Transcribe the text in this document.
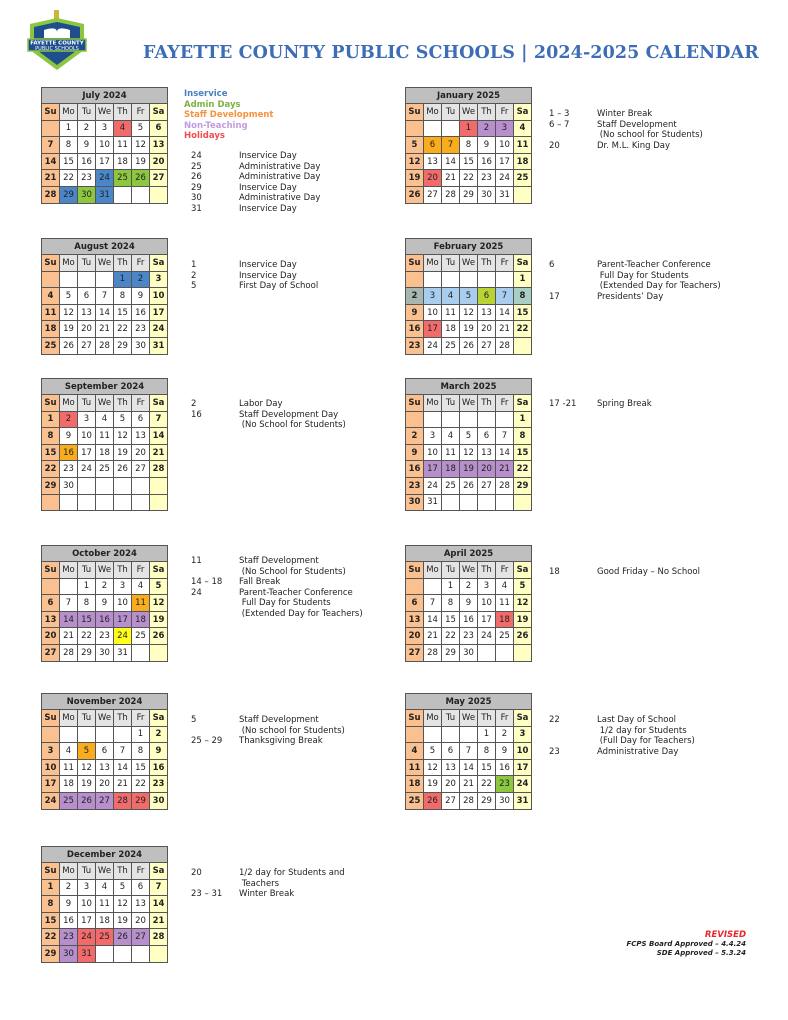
FAYETTE COUNTY
PUBLIC SCHOOLS	FAYETTE COUNTY PUBLIC SCHOOLS | 2024-2025 CALENDAR
Inservice
Admin Days
Staff Development
Non-Teaching
Holidays
July 2024						
Su	Mo	Tu	We	Th	Fr	Sa
	1	2	3	4	5	6
7	8	9	10	11	12	13
14	15	16	17	18	19	20
21	22	23	24	25	26	27
28	29	30	31			
24	Inservice Day
25	Administrative Day
26	Administrative Day
29	Inservice Day
30	Administrative Day
31	Inservice Day
August 2024						
Su	Mo	Tu	We	Th	Fr	Sa
				1	2	3
4	5	6	7	8	9	10
11	12	13	14	15	16	17
18	19	20	21	22	23	24
25	26	27	28	29	30	31
1	Inservice Day
2	Inservice Day
5	First Day of School
September 2024						
Su	Mo	Tu	We	Th	Fr	Sa
1	2	3	4	5	6	7
8	9	10	11	12	13	14
15	16	17	18	19	20	21
22	23	24	25	26	27	28
29	30					

2	Labor Day
16	Staff Development Day
(No School for Students)
October 2024						
Su	Mo	Tu	We	Th	Fr	Sa
		1	2	3	4	5
6	7	8	9	10	11	12
13	14	15	16	17	18	19
20	21	22	23	24	25	26
27	28	29	30	31		
11	Staff Development
(No School for Students)
14 – 18	Fall Break
24	Parent-Teacher Conference
Full Day for Students
(Extended Day for Teachers)
November 2024						
Su	Mo	Tu	We	Th	Fr	Sa
					1	2
3	4	5	6	7	8	9
10	11	12	13	14	15	16
17	18	19	20	21	22	23
24	25	26	27	28	29	30
5	Staff Development
(No school for Students)
25 – 29	Thanksgiving Break
December 2024						
Su	Mo	Tu	We	Th	Fr	Sa
1	2	3	4	5	6	7
8	9	10	11	12	13	14
15	16	17	18	19	20	21
22	23	24	25	26	27	28
29	30	31				
20	1/2 day for Students and
Teachers
23 – 31	Winter Break
January 2025						
Su	Mo	Tu	We	Th	Fr	Sa
			1	2	3	4
5	6	7	8	9	10	11
12	13	14	15	16	17	18
19	20	21	22	23	24	25
26	27	28	29	30	31	
1 – 3	Winter Break
6 – 7	Staff Development
(No school for Students)
20	Dr. M.L. King Day
February 2025						
Su	Mo	Tu	We	Th	Fr	Sa
						1
2	3	4	5	6	7	8
9	10	11	12	13	14	15
16	17	18	19	20	21	22
23	24	25	26	27	28	
6	Parent-Teacher Conference
Full Day for Students
(Extended Day for Teachers)
17	Presidents’ Day
March 2025						
Su	Mo	Tu	We	Th	Fr	Sa
						1
2	3	4	5	6	7	8
9	10	11	12	13	14	15
16	17	18	19	20	21	22
23	24	25	26	27	28	29
30	31					
17 -21	Spring Break
April 2025						
Su	Mo	Tu	We	Th	Fr	Sa
		1	2	3	4	5
6	7	8	9	10	11	12
13	14	15	16	17	18	19
20	21	22	23	24	25	26
27	28	29	30			
18	Good Friday – No School
May 2025						
Su	Mo	Tu	We	Th	Fr	Sa
				1	2	3
4	5	6	7	8	9	10
11	12	13	14	15	16	17
18	19	20	21	22	23	24
25	26	27	28	29	30	31
22	Last Day of School
1/2 day for Students
(Full Day for Teachers)
23	Administrative Day
REVISED
FCPS Board Approved – 4.4.24
SDE Approved – 5.3.24
